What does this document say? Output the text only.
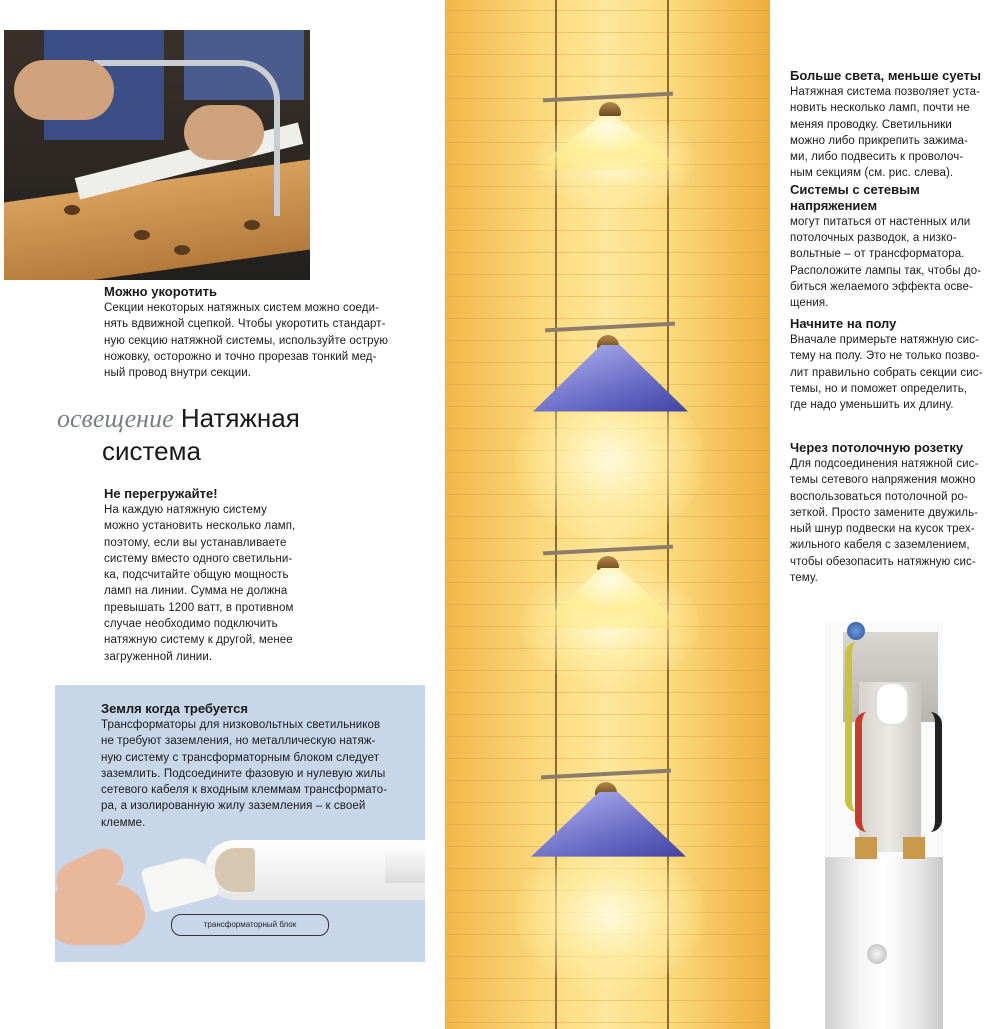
Можно укоротить

Секции некоторых натяжных систем можно соеди-

нять вдвижной сцепкой. Чтобы укоротить стандарт-

ную секцию натяжной системы, используйте острую

ножовку, осторожно и точно прорезав тонкий мед-

ный провод внутри секции.

освещение Натяжная
система

Не перегружайте!

На каждую натяжную систему

можно установить несколько ламп,

поэтому, если вы устанавливаете

систему вместо одного светильни-

ка, подсчитайте общую мощность

ламп на линии. Сумма не должна

превышать 1200 ватт, в противном

случае необходимо подключить

натяжную систему к другой, менее

загруженной линии.

Земля когда требуется

Трансформаторы для низковольтных светильников

не требуют заземления, но металлическую натяж-

ную систему с трансформаторным блоком следует

заземлить. Подсоедините фазовую и нулевую жилы

сетевого кабеля к входным клеммам трансформато-

ра, а изолированную жилу заземления – к своей

клемме.

трансформаторный блок

Больше света, меньше суеты

Натяжная система позволяет уста-

новить несколько ламп, почти не

меняя проводку. Светильники

можно либо прикрепить зажима-

ми, либо подвесить к проволоч-

ным секциям (см. рис. слева).

Системы с сетевым напряжением

могут питаться от настенных или

потолочных разводок, а низко-

вольтные – от трансформатора.

Расположите лампы так, чтобы до-

биться желаемого эффекта осве-

щения.

Начните на полу

Вначале примерьте натяжную сис-

тему на полу. Это не только позво-

лит правильно собрать секции сис-

темы, но и поможет определить,

где надо уменьшить их длину.

Через потолочную розетку

Для подсоединения натяжной сис-

темы сетевого напряжения можно

воспользоваться потолочной ро-

зеткой. Просто замените двужиль-

ный шнур подвески на кусок трех-

жильного кабеля с заземлением,

чтобы обезопасить натяжную сис-

тему.
